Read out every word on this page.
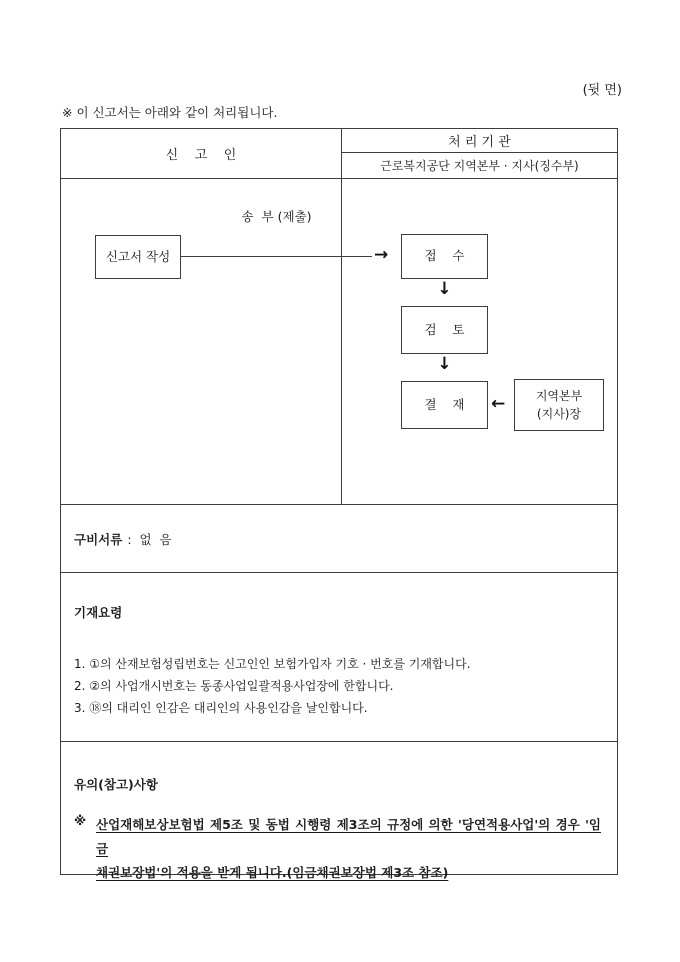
(뒷 면)
※ 이 신고서는 아래와 같이 처리됩니다.
신    고    인
처 리 기 관
근로복지공단 지역본부 · 지사(징수부)
신고서 작성
송  부 (제출)
→	접    수
↓
검    토
↓
결    재	←	지역본부
(지사)장
구비서류 :  없  음
기재요령
1. ①의 산재보험성립번호는 신고인인 보험가입자 기호 · 번호를 기재합니다.
2. ②의 사업개시번호는 동종사업일괄적용사업장에 한합니다.
3. ⑱의 대리인 인감은 대리인의 사용인감을 날인합니다.
유의(참고)사항
※ 산업재해보상보험법 제5조 및 동법 시행령 제3조의 규정에 의한 '당연적용사업'의 경우 '임금
채권보장법'의 적용을 받게 됩니다.(임금채권보장법 제3조 참조)
